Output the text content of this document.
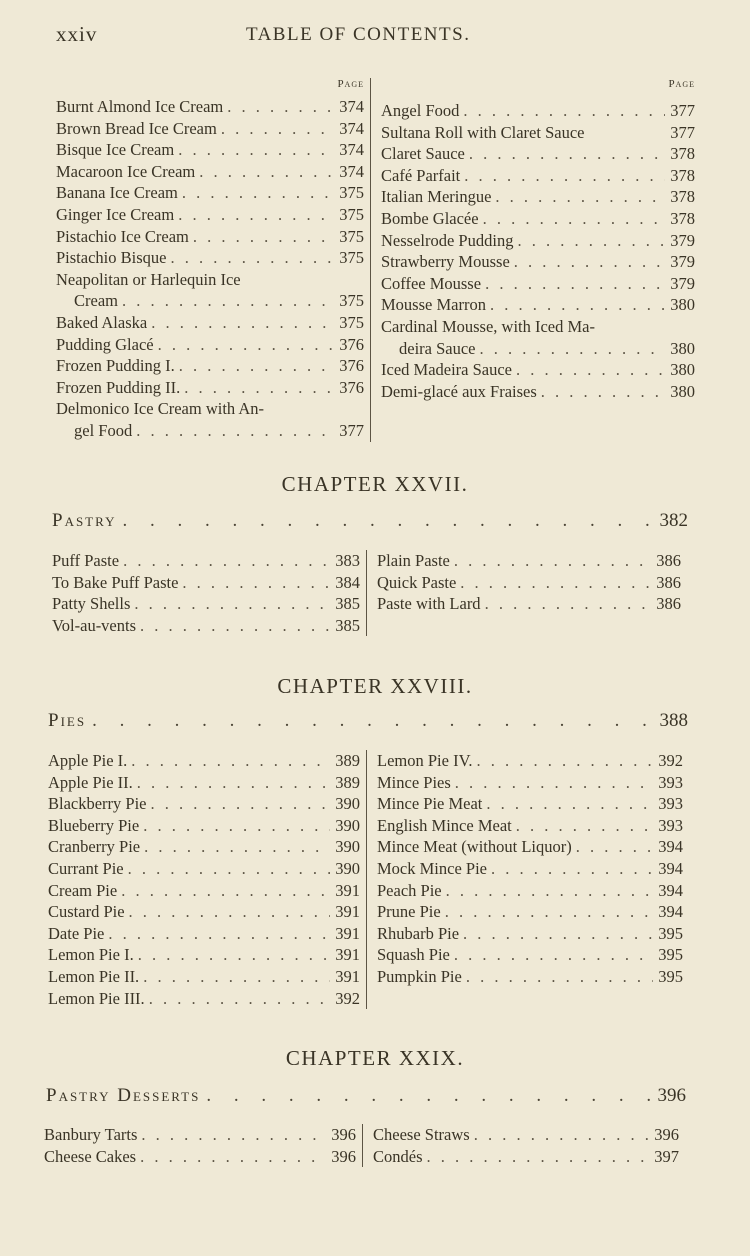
xxiv	TABLE OF CONTENTS.
Page
Burnt Almond Ice Cream . . .	374
Brown Bread Ice Cream . . .	374
Bisque Ice Cream . . .	374
Macaroon Ice Cream . . .	374
Banana Ice Cream . . .	375
Ginger Ice Cream . . .	375
Pistachio Ice Cream . . .	375
Pistachio Bisque . . .	375
Neapolitan or Harlequin Ice
Cream . . .	375
Baked Alaska . . .	375
Pudding Glacé . . .	376
Frozen Pudding I. . . .	376
Frozen Pudding II. . . .	376
Delmonico Ice Cream with An-
gel Food . . .	377
Page
Angel Food . . .	377
Sultana Roll with Claret Sauce	377
Claret Sauce . . .	378
Café Parfait . . .	378
Italian Meringue . . .	378
Bombe Glacée . . .	378
Nesselrode Pudding . . .	379
Strawberry Mousse . . .	379
Coffee Mousse . . .	379
Mousse Marron . . .	380
Cardinal Mousse, with Iced Ma-
deira Sauce . . .	380
Iced Madeira Sauce . . .	380
Demi-glacé aux Fraises . . .	380
CHAPTER XXVII.
Pastry . . .	382
Puff Paste . . .	383
To Bake Puff Paste . . .	384
Patty Shells . . .	385
Vol-au-vents . . .	385
Plain Paste . . .	386
Quick Paste . . .	386
Paste with Lard . . .	386
CHAPTER XXVIII.
Pies . . .	388
Apple Pie I. . . .	389
Apple Pie II. . . .	389
Blackberry Pie . . .	390
Blueberry Pie . . .	390
Cranberry Pie . . .	390
Currant Pie . . .	390
Cream Pie . . .	391
Custard Pie . . .	391
Date Pie . . .	391
Lemon Pie I. . . .	391
Lemon Pie II. . . .	391
Lemon Pie III. . . .	392
Lemon Pie IV. . . .	392
Mince Pies . . .	393
Mince Pie Meat . . .	393
English Mince Meat . . .	393
Mince Meat (without Liquor) . . .	394
Mock Mince Pie . . .	394
Peach Pie . . .	394
Prune Pie . . .	394
Rhubarb Pie . . .	395
Squash Pie . . .	395
Pumpkin Pie . . .	395
CHAPTER XXIX.
Pastry Desserts . . .	396
Banbury Tarts . . .	396
Cheese Cakes . . .	396
Cheese Straws . . .	396
Condés . . .	397
